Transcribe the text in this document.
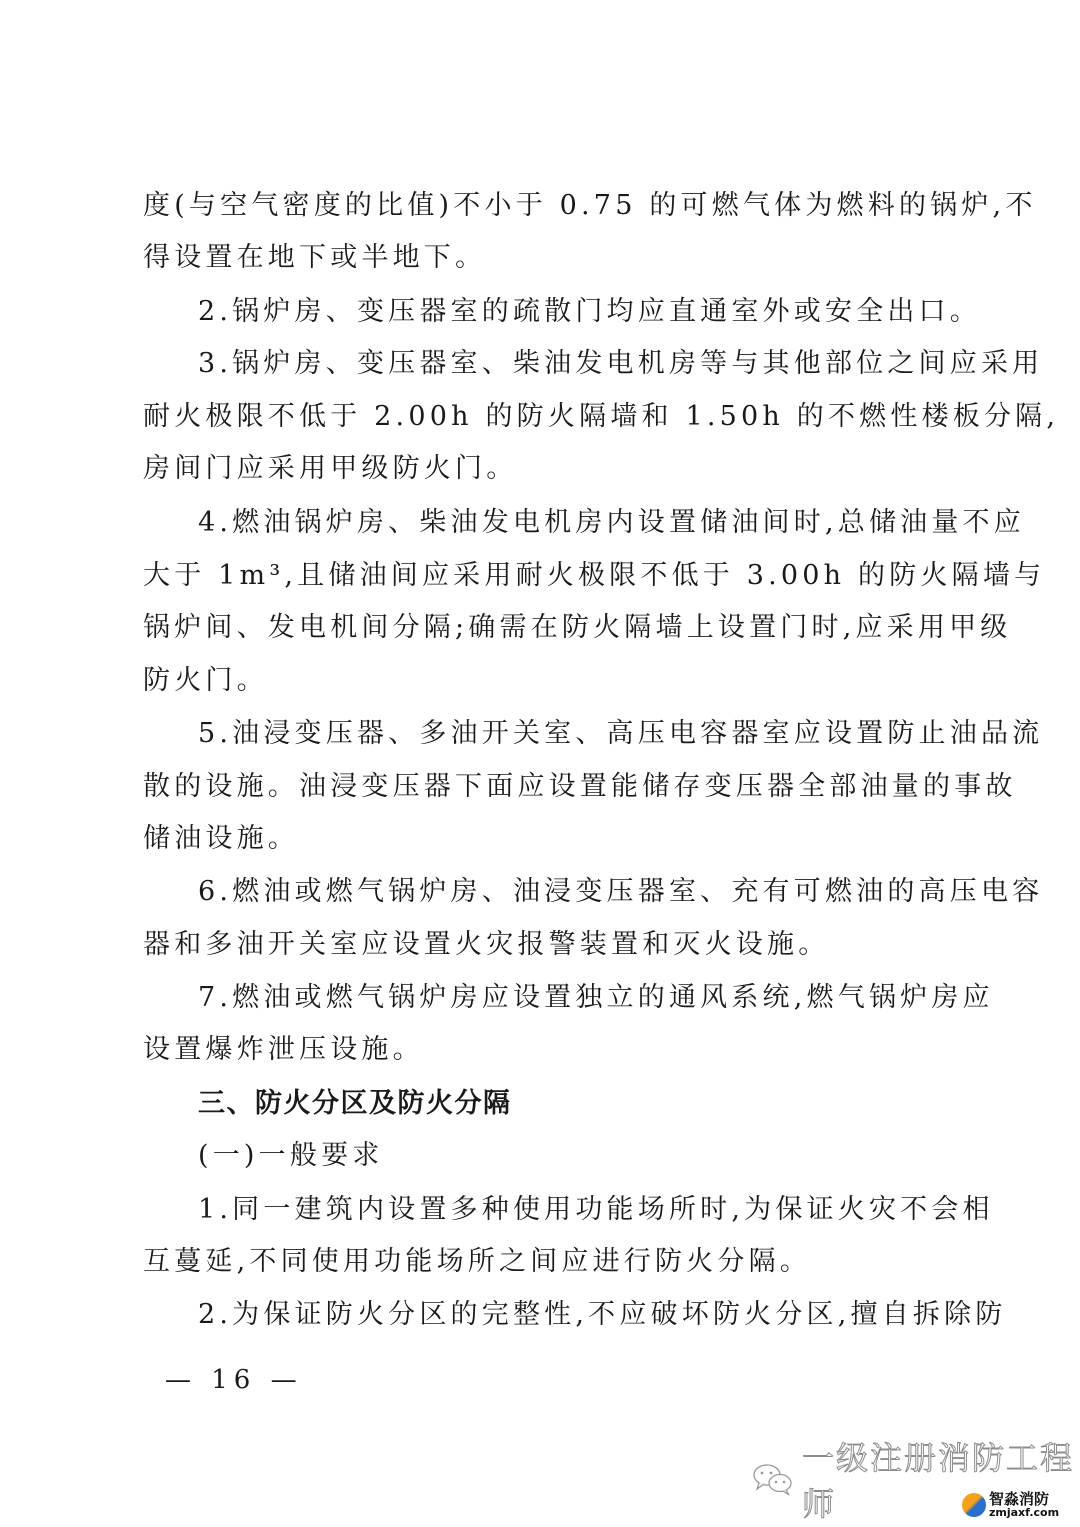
度(与空气密度的比值)不小于 0.75 的可燃气体为燃料的锅炉,不
得设置在地下或半地下。
2.锅炉房、变压器室的疏散门均应直通室外或安全出口。
3.锅炉房、变压器室、柴油发电机房等与其他部位之间应采用
耐火极限不低于 2.00h 的防火隔墙和 1.50h 的不燃性楼板分隔,
房间门应采用甲级防火门。
4.燃油锅炉房、柴油发电机房内设置储油间时,总储油量不应
大于 1m³,且储油间应采用耐火极限不低于 3.00h 的防火隔墙与
锅炉间、发电机间分隔;确需在防火隔墙上设置门时,应采用甲级
防火门。
5.油浸变压器、多油开关室、高压电容器室应设置防止油品流
散的设施。油浸变压器下面应设置能储存变压器全部油量的事故
储油设施。
6.燃油或燃气锅炉房、油浸变压器室、充有可燃油的高压电容
器和多油开关室应设置火灾报警装置和灭火设施。
7.燃油或燃气锅炉房应设置独立的通风系统,燃气锅炉房应
设置爆炸泄压设施。
三、防火分区及防火分隔
(一)一般要求
1.同一建筑内设置多种使用功能场所时,为保证火灾不会相
互蔓延,不同使用功能场所之间应进行防火分隔。
2.为保证防火分区的完整性,不应破坏防火分区,擅自拆除防
— 16 —
一级注册消防工程师	智淼消防
zmjaxf.com
